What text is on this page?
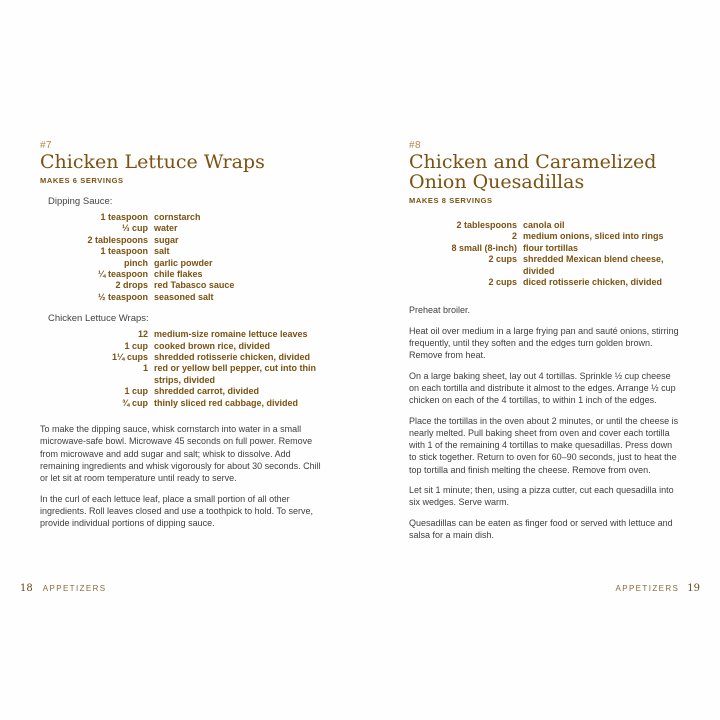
#7
Chicken Lettuce Wraps
MAKES 6 SERVINGS
Dipping Sauce:
1 teaspoon cornstarch
⅓ cup water
2 tablespoons sugar
1 teaspoon salt
pinch garlic powder
¼ teaspoon chile flakes
2 drops red Tabasco sauce
½ teaspoon seasoned salt
Chicken Lettuce Wraps:
12 medium-size romaine lettuce leaves
1 cup cooked brown rice, divided
1¼ cups shredded rotisserie chicken, divided
1 red or yellow bell pepper, cut into thin strips, divided
1 cup shredded carrot, divided
¾ cup thinly sliced red cabbage, divided

To make the dipping sauce, whisk cornstarch into water in a small microwave-safe bowl. Microwave 45 seconds on full power. Remove from microwave and add sugar and salt; whisk to dissolve. Add remaining ingredients and whisk vigorously for about 30 seconds. Chill or let sit at room temperature until ready to serve.

In the curl of each lettuce leaf, place a small portion of all other ingredients. Roll leaves closed and use a toothpick to hold. To serve, provide individual portions of dipping sauce.

18 APPETIZERS
#8
Chicken and Caramelized
Onion Quesadillas
MAKES 8 SERVINGS
2 tablespoons canola oil
2 medium onions, sliced into rings
8 small (8-inch) flour tortillas
2 cups shredded Mexican blend cheese, divided
2 cups diced rotisserie chicken, divided

Preheat broiler.

Heat oil over medium in a large frying pan and sauté onions, stirring frequently, until they soften and the edges turn golden brown. Remove from heat.

On a large baking sheet, lay out 4 tortillas. Sprinkle ½ cup cheese on each tortilla and distribute it almost to the edges. Arrange ½ cup chicken on each of the 4 tortillas, to within 1 inch of the edges.

Place the tortillas in the oven about 2 minutes, or until the cheese is nearly melted. Pull baking sheet from oven and cover each tortilla with 1 of the remaining 4 tortillas to make quesadillas. Press down to stick together. Return to oven for 60–90 seconds, just to heat the top tortilla and finish melting the cheese. Remove from oven.

Let sit 1 minute; then, using a pizza cutter, cut each quesadilla into six wedges. Serve warm.

Quesadillas can be eaten as finger food or served with lettuce and salsa for a main dish.

APPETIZERS 19
